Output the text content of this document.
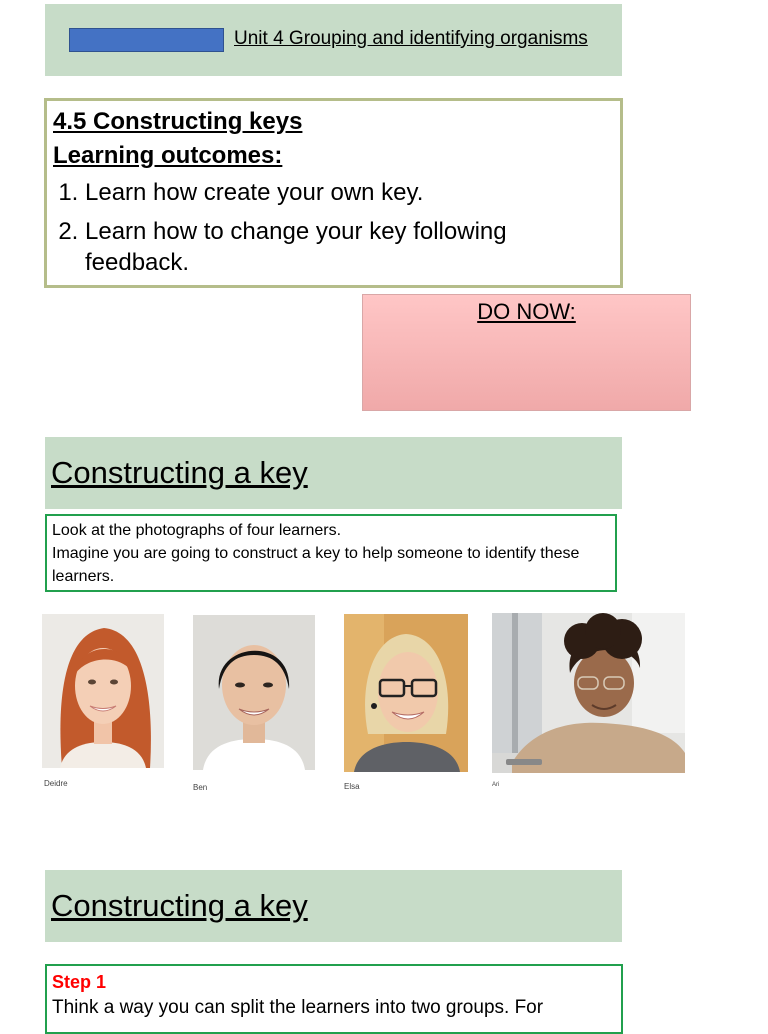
Unit 4 Grouping and identifying organisms
4.5 Constructing keys
Learning outcomes:
1. Learn how create your own key.
2. Learn how to change your key following feedback.
DO NOW:
Constructing a key
Look at the photographs of four learners.
Imagine you are going to construct a key to help someone to identify these learners.
Deidre	Ben	Elsa	Ari
Constructing a key
Step 1
Think a way you can split the learners into two groups. For
